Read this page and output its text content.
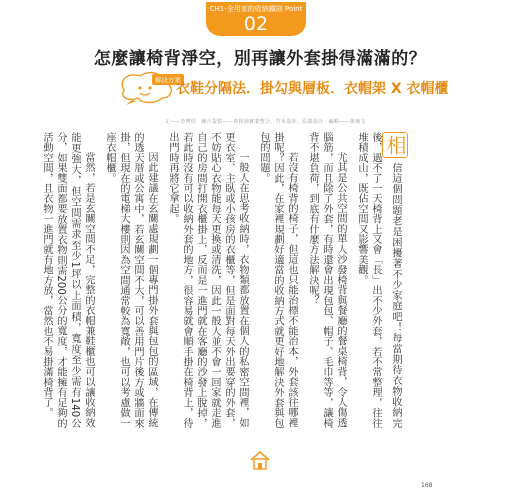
CH1-全用家的收納鐵則 Point
02
怎麼讓椅背淨空，別再讓外套掛得滿滿的？
解決方案
衣鞋分隔法．掛勾與層板．衣帽架 X 衣帽櫃
文——李博恬　圖片提供——春和園實業整合、竹禾設計、原義設計　編輯——黃琬文

相信這個問題老是困擾著不少家庭吧！每當期待衣物收納完後，過不了一天椅背上又會「長」出不少外套，若不常整理，往往堆積成山，既佔空間又影響美觀。

尤其是公共空間的單人沙發椅背與餐廳的餐桌椅背，令人傷透腦筋，而且除了外套，有時還會出現包包、帽子、毛巾等等，讓椅背不堪負荷，到底有什麼方法解決呢？

若沒有椅背的椅子，但這也只能治標不能治本，外套該往哪裡掛呢？因此，在家裡規劃好適當的收納方式就更好地解決外套與包包的問題。

一般人在思考收納時，衣物類都放置在個人的私密空間裡，如更衣室、主臥或小孩房的衣櫃等，但是面對每天外出要穿的外套，不妨貼心衣物能每天更換或清洗，因此一般人並不會一回家就走進自己的房間打開衣櫃掛上，反而是一進門就在客廳的沙發上脫掉，若此時沒有可以收納外套的地方，很容易就會順手掛在椅背上，待出門時再將它拿起。

因此建議在玄關處規劃一個專門掛外套與包包的區域，在傳統的透天厝或公寓中，若玄關空間不大，可以善用門片後方或牆面來掛，但現在的電梯大樓則因為空間通常較為寬敞，也可以考慮做一座衣帽櫃。

當然，若是玄關空間不足，完整的衣帽兼鞋櫃也可以讓收納效能更強大，但空間需求至少1坪以上面積，寬度至少需有140公分，如果雙面都要放置衣物則需200公分的寬度，才能擁有足夠的活動空間，且衣物一進門就有地方放，當然也不易掛滿椅背了。

168
